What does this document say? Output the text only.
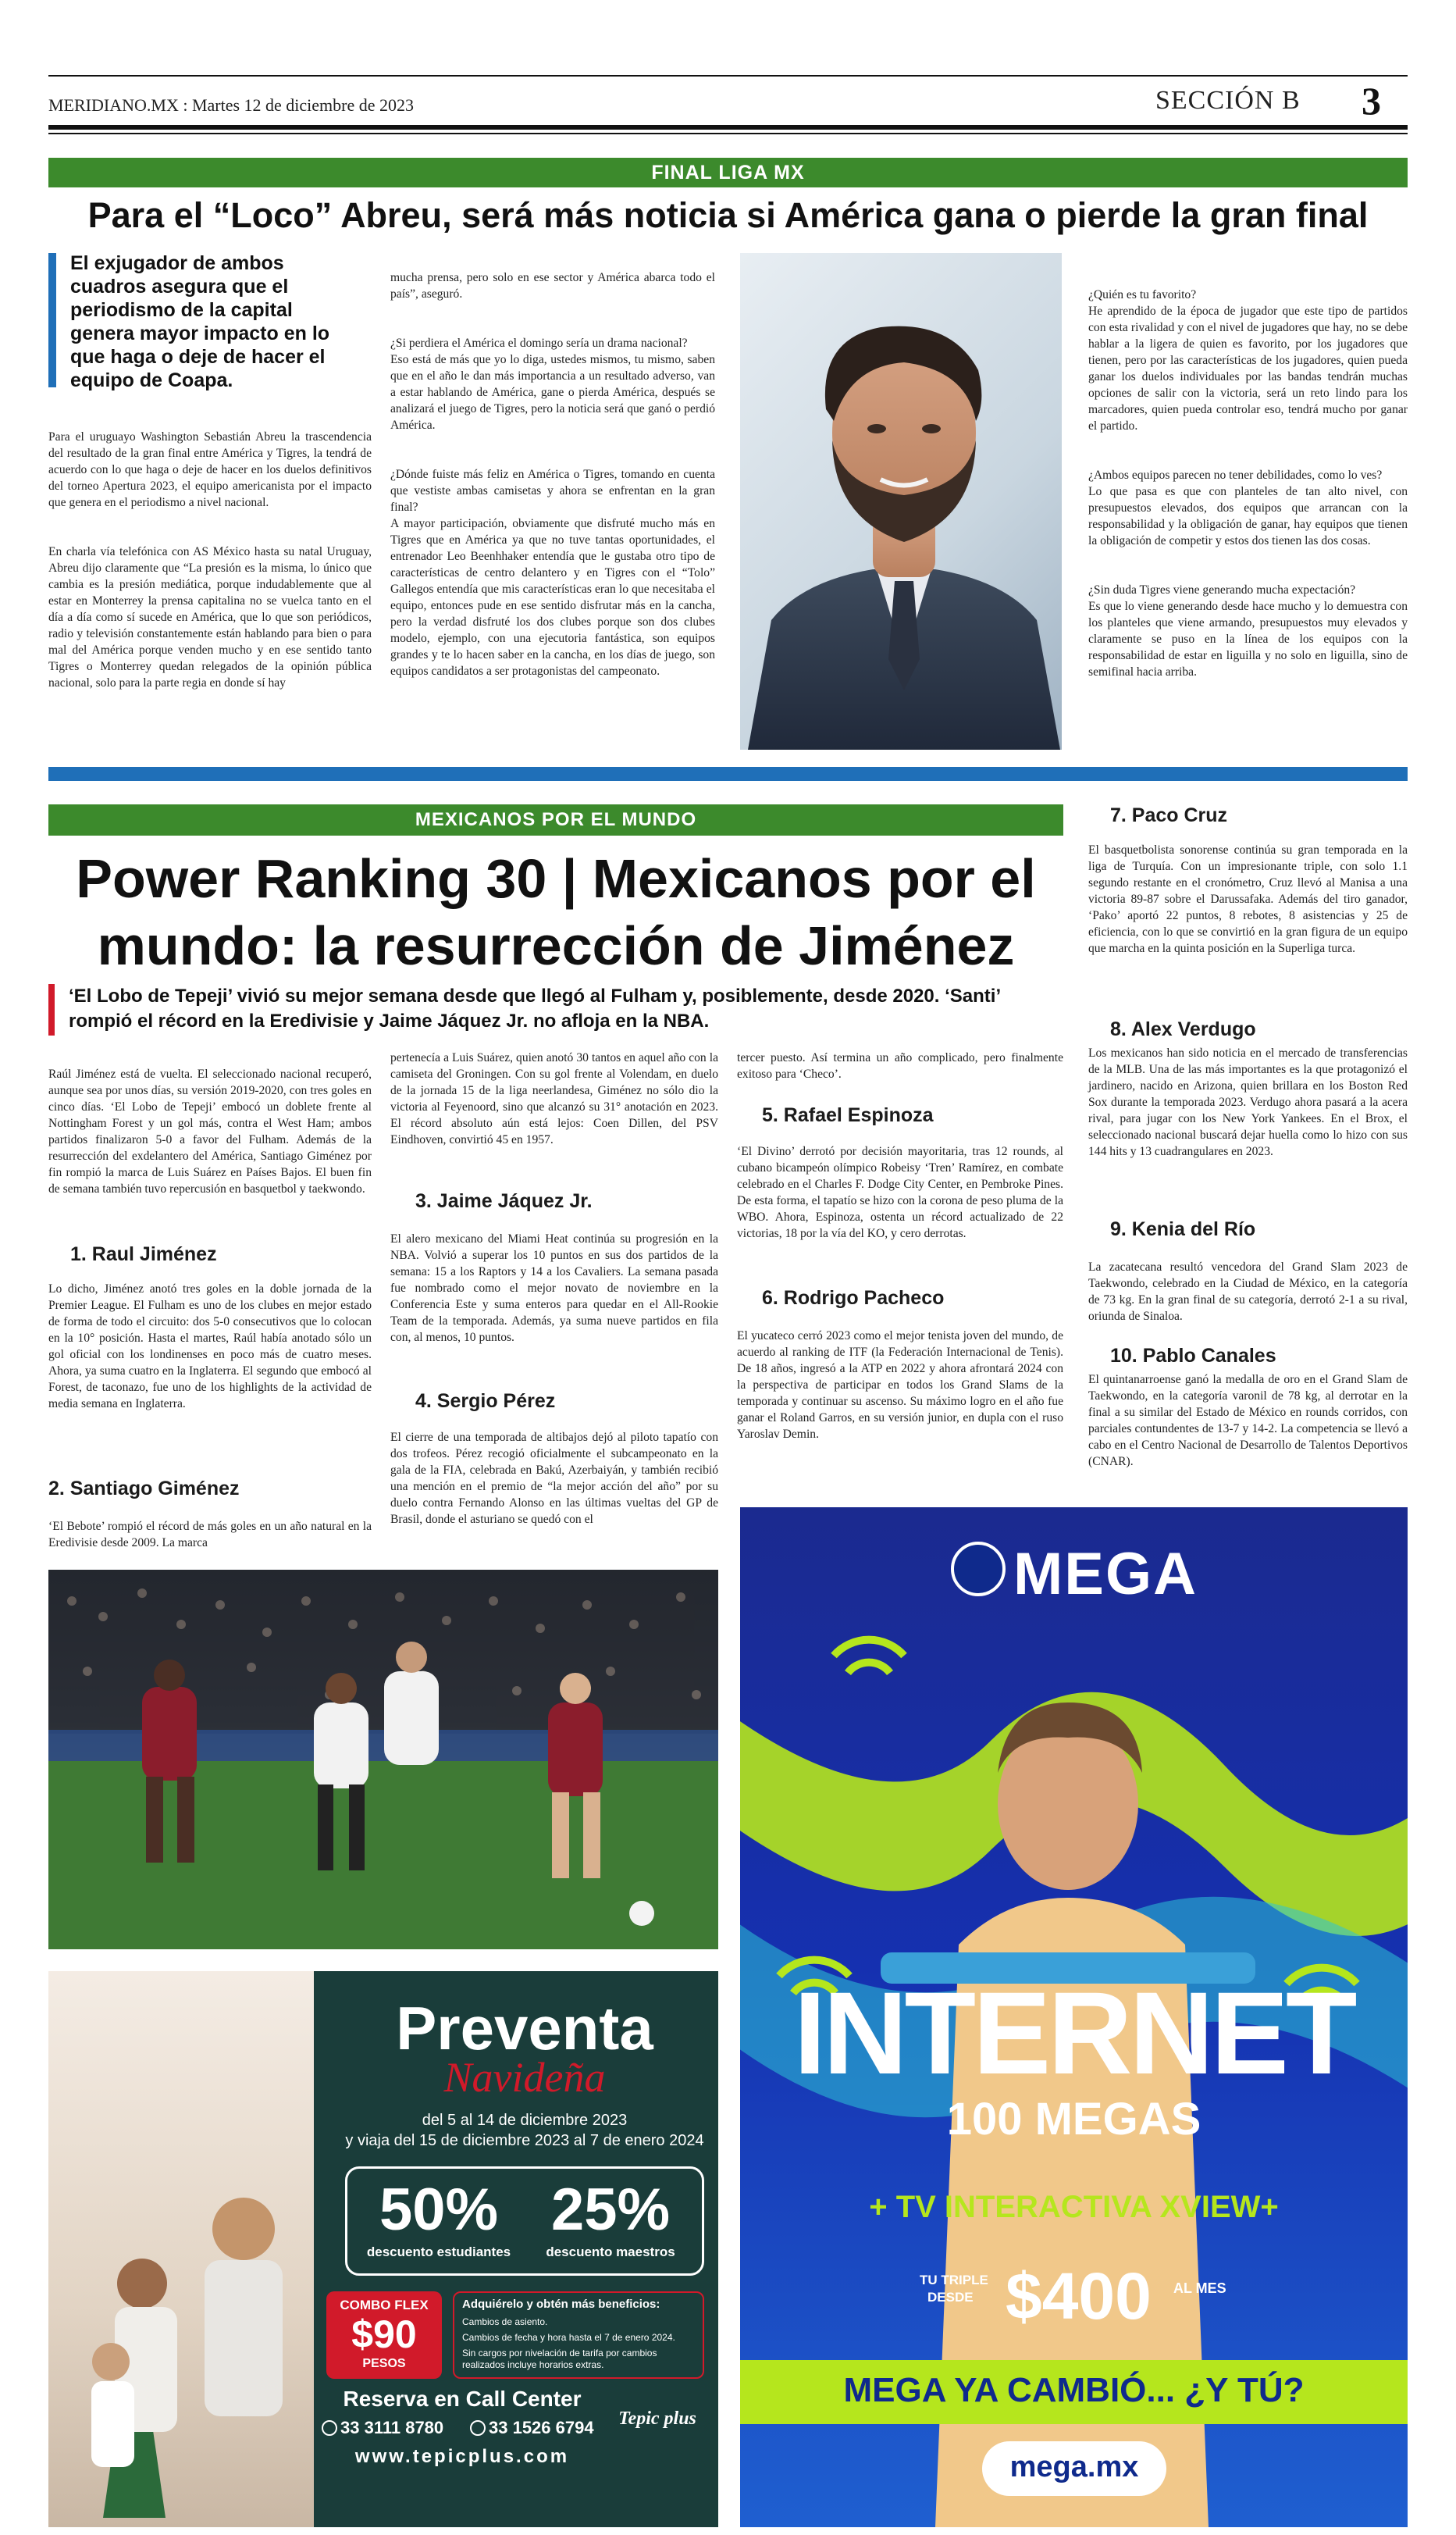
MERIDIANO.MX : Martes 12 de diciembre de 2023	SECCIÓN B 3
FINAL LIGA MX
Para el “Loco” Abreu, será más noticia si América gana o pierde la gran final
El exjugador de ambos cuadros asegura que el periodismo de la capital genera mayor impacto en lo que haga o deje de hacer el equipo de Coapa.

Para el uruguayo Washington Sebastián Abreu la trascendencia del resultado de la gran final entre América y Tigres, la tendrá de acuerdo con lo que haga o deje de hacer en los duelos definitivos del torneo Apertura 2023, el equipo americanista por el impacto que genera en el periodismo a nivel nacional.

En charla vía telefónica con AS México hasta su natal Uruguay, Abreu dijo claramente que “La presión es la misma, lo único que cambia es la presión mediática, porque indudablemente que al estar en Monterrey la prensa capitalina no se vuelca tanto en el día a día como sí sucede en América, que lo que son periódicos, radio y televisión constantemente están hablando para bien o para mal del América porque venden mucho y en ese sentido tanto Tigres o Monterrey quedan relegados de la opinión pública nacional, solo para la parte regia en donde sí hay

mucha prensa, pero solo en ese sector y América abarca todo el país”, aseguró.

¿Si perdiera el América el domingo sería un drama nacional?
Eso está de más que yo lo diga, ustedes mismos, tu mismo, saben que en el año le dan más importancia a un resultado adverso, van a estar hablando de América, gane o pierda América, después se analizará el juego de Tigres, pero la noticia será que ganó o perdió América.

¿Dónde fuiste más feliz en América o Tigres, tomando en cuenta que vestiste ambas camisetas y ahora se enfrentan en la gran final?
A mayor participación, obviamente que disfruté mucho más en Tigres que en América ya que no tuve tantas oportunidades, el entrenador Leo Beenhhaker entendía que le gustaba otro tipo de características de centro delantero y en Tigres con el “Tolo” Gallegos entendía que mis características eran lo que necesitaba el equipo, entonces pude en ese sentido disfrutar más en la cancha, pero la verdad disfruté los dos clubes porque son dos clubes modelo, ejemplo, con una ejecutoria fantástica, son equipos grandes y te lo hacen saber en la cancha, en los días de juego, son equipos candidatos a ser protagonistas del campeonato.

¿Quién es tu favorito?
He aprendido de la época de jugador que este tipo de partidos con esta rivalidad y con el nivel de jugadores que hay, no se debe hablar a la ligera de quien es favorito, por los jugadores que tienen, pero por las características de los jugadores, quien pueda ganar los duelos individuales por las bandas tendrán muchas opciones de salir con la victoria, será un reto lindo para los marcadores, quien pueda controlar eso, tendrá mucho por ganar el partido.

¿Ambos equipos parecen no tener debilidades, como lo ves?
Lo que pasa es que con planteles de tan alto nivel, con presupuestos elevados, dos equipos que arrancan con la responsabilidad y la obligación de ganar, hay equipos que tienen la obligación de competir y estos dos tienen las dos cosas.

¿Sin duda Tigres viene generando mucha expectación?
Es que lo viene generando desde hace mucho y lo demuestra con los planteles que viene armando, presupuestos muy elevados y claramente se puso en la línea de los equipos con la responsabilidad de estar en liguilla y no solo en liguilla, sino de semifinal hacia arriba.

MEXICANOS POR EL MUNDO
Power Ranking 30 | Mexicanos por el mundo: la resurrección de Jiménez
‘El Lobo de Tepeji’ vivió su mejor semana desde que llegó al Fulham y, posiblemente, desde 2020. ‘Santi’ rompió el récord en la Eredivisie y Jaime Jáquez Jr. no afloja en la NBA.

Raúl Jiménez está de vuelta. El seleccionado nacional recuperó, aunque sea por unos días, su versión 2019-2020, con tres goles en cinco días. ‘El Lobo de Tepeji’ embocó un doblete frente al Nottingham Forest y un gol más, contra el West Ham; ambos partidos finalizaron 5-0 a favor del Fulham. Además de la resurrección del exdelantero del América, Santiago Giménez por fin rompió la marca de Luis Suárez en Países Bajos. El buen fin de semana también tuvo repercusión en basquetbol y taekwondo.

1. Raul Jiménez
Lo dicho, Jiménez anotó tres goles en la doble jornada de la Premier League. El Fulham es uno de los clubes en mejor estado de forma de todo el circuito: dos 5-0 consecutivos que lo colocan en la 10° posición. Hasta el martes, Raúl había anotado sólo un gol oficial con los londinenses en poco más de cuatro meses. Ahora, ya suma cuatro en la Inglaterra. El segundo que embocó al Forest, de taconazo, fue uno de los highlights de la actividad de media semana en Inglaterra.
2. Santiago Giménez
‘El Bebote’ rompió el récord de más goles en un año natural en la Eredivisie desde 2009. La marca
pertenecía a Luis Suárez, quien anotó 30 tantos en aquel año con la camiseta del Groningen. Con su gol frente al Volendam, en duelo de la jornada 15 de la liga neerlandesa, Giménez no sólo dio la victoria al Feyenoord, sino que alcanzó su 31° anotación en 2023. El récord absoluto aún está lejos: Coen Dillen, del PSV Eindhoven, convirtió 45 en 1957.
3. Jaime Jáquez Jr.
El alero mexicano del Miami Heat continúa su progresión en la NBA. Volvió a superar los 10 puntos en sus dos partidos de la semana: 15 a los Raptors y 14 a los Cavaliers. La semana pasada fue nombrado como el mejor novato de noviembre en la Conferencia Este y suma enteros para quedar en el All-Rookie Team de la temporada. Además, ya suma nueve partidos en fila con, al menos, 10 puntos.
4. Sergio Pérez
El cierre de una temporada de altibajos dejó al piloto tapatío con dos trofeos. Pérez recogió oficialmente el subcampeonato en la gala de la FIA, celebrada en Bakú, Azerbaiyán, y también recibió una mención en el premio de “la mejor acción del año” por su duelo contra Fernando Alonso en las últimas vueltas del GP de Brasil, donde el asturiano se quedó con el
tercer puesto. Así termina un año complicado, pero finalmente exitoso para ‘Checo’.
5. Rafael Espinoza
‘El Divino’ derrotó por decisión mayoritaria, tras 12 rounds, al cubano bicampeón olímpico Robeisy ‘Tren’ Ramírez, en combate celebrado en el Charles F. Dodge City Center, en Pembroke Pines. De esta forma, el tapatío se hizo con la corona de peso pluma de la WBO. Ahora, Espinoza, ostenta un récord actualizado de 22 victorias, 18 por la vía del KO, y cero derrotas.
6. Rodrigo Pacheco
El yucateco cerró 2023 como el mejor tenista joven del mundo, de acuerdo al ranking de ITF (la Federación Internacional de Tenis). De 18 años, ingresó a la ATP en 2022 y ahora afrontará 2024 con la perspectiva de participar en todos los Grand Slams de la temporada y continuar su ascenso. Su máximo logro en el año fue ganar el Roland Garros, en su versión junior, en dupla con el ruso Yaroslav Demin.
7. Paco Cruz
El basquetbolista sonorense continúa su gran temporada en la liga de Turquía. Con un impresionante triple, con solo 1.1 segundo restante en el cronómetro, Cruz llevó al Manisa a una victoria 89-87 sobre el Darussafaka. Además del tiro ganador, ‘Pako’ aportó 22 puntos, 8 rebotes, 8 asistencias y 25 de eficiencia, con lo que se convirtió en la gran figura de un equipo que marcha en la quinta posición en la Superliga turca.
8. Alex Verdugo
Los mexicanos han sido noticia en el mercado de transferencias de la MLB. Una de las más importantes es la que protagonizó el jardinero, nacido en Arizona, quien brillara en los Boston Red Sox durante la temporada 2023. Verdugo ahora pasará a la acera rival, para jugar con los New York Yankees. En el Brox, el seleccionado nacional buscará dejar huella como lo hizo con sus 144 hits y 13 cuadrangulares en 2023.
9. Kenia del Río
La zacatecana resultó vencedora del Grand Slam 2023 de Taekwondo, celebrado en la Ciudad de México, en la categoría de 73 kg. En la gran final de su categoría, derrotó 2-1 a su rival, oriunda de Sinaloa.
10. Pablo Canales
El quintanarroense ganó la medalla de oro en el Grand Slam de Taekwondo, en la categoría varonil de 78 kg, al derrotar en la final a su similar del Estado de México en rounds corridos, con parciales contundentes de 13-7 y 14-2. La competencia se llevó a cabo en el Centro Nacional de Desarrollo de Talentos Deportivos (CNAR).
Preventa
Navideña
del 5 al 14 de diciembre 2023
y viaja del 15 de diciembre 2023 al 7 de enero 2024
50%
descuento estudiantes
25%
descuento maestros
COMBO FLEX
$90
PESOS
Adquiérelo y obtén más beneficios:
Cambios de asiento.
Cambios de fecha y hora hasta el 7 de enero 2024.
Sin cargos por nivelación de tarifa por cambios realizados incluye horarios extras.
Reserva en Call Center
33 3111 8780	33 1526 6794
www.tepicplus.com
Tepic plus
MEGA
INTERNET
100 MEGAS
+ TV INTERACTIVA XVIEW+
TU TRIPLE
DESDE $400 AL MES
MEGA YA CAMBIÓ... ¿Y TÚ?
mega.mx
